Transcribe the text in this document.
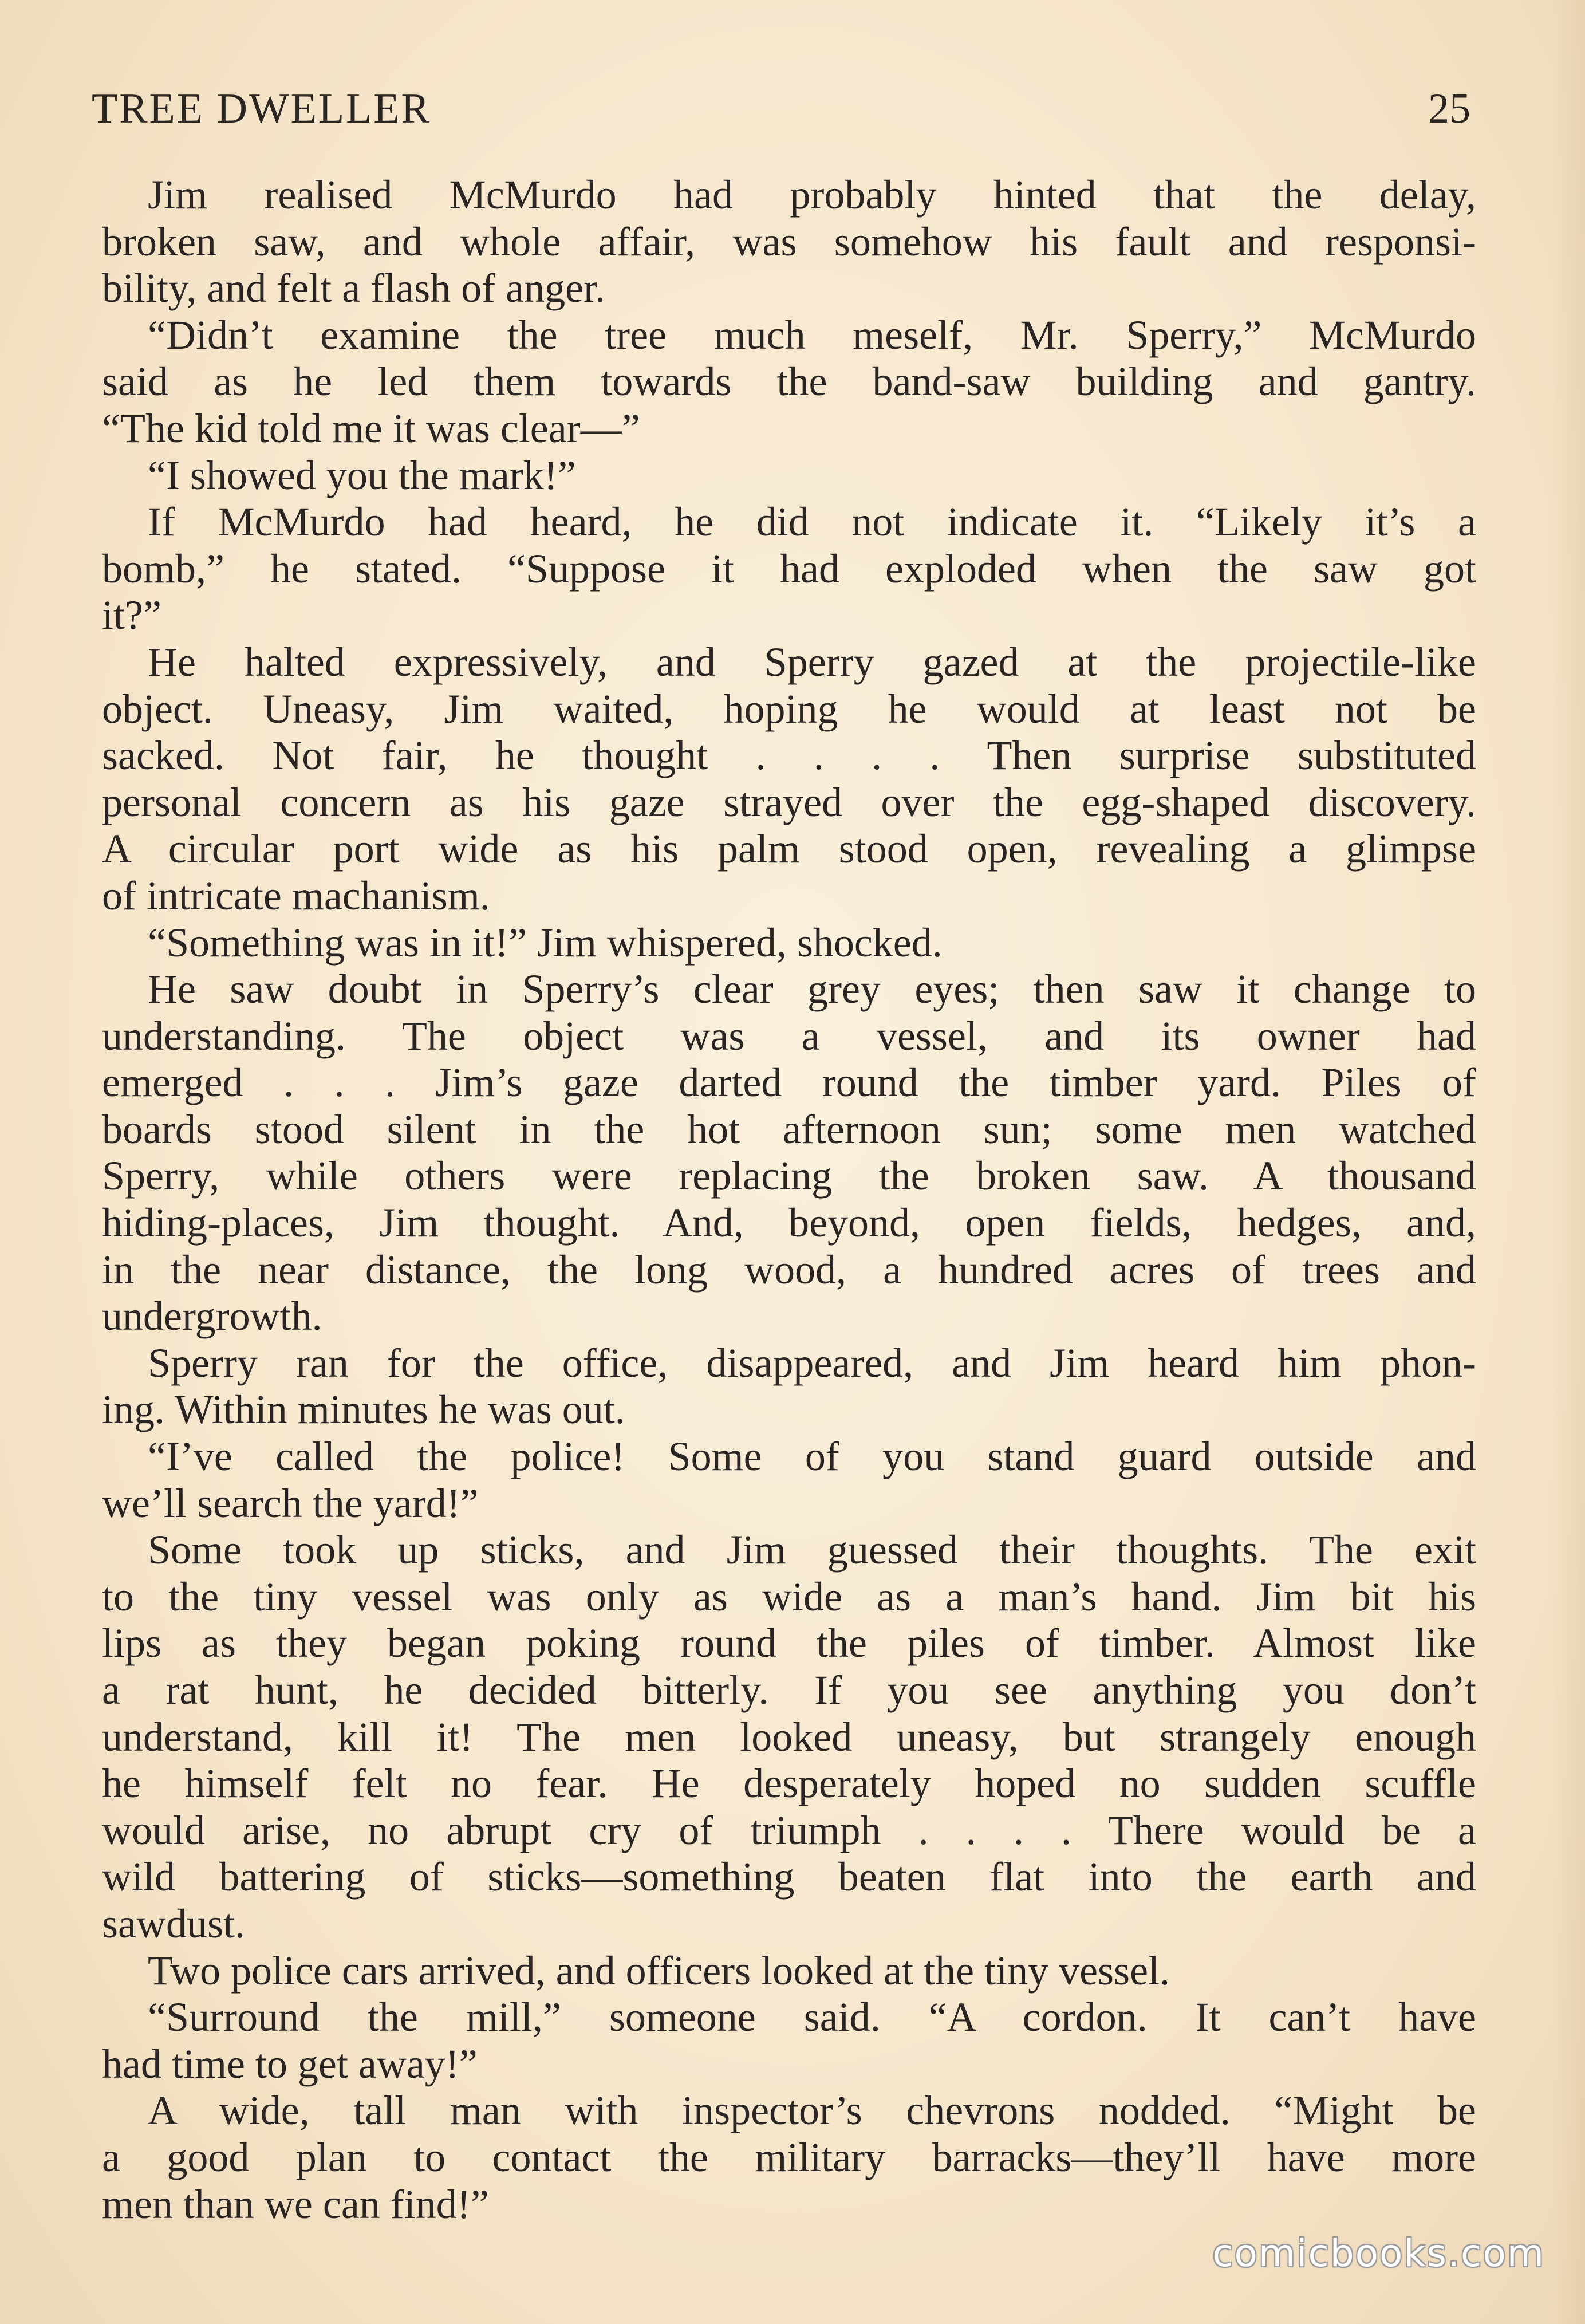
TREE DWELLER	25
Jim realised McMurdo had probably hinted that the delay,
broken saw, and whole affair, was somehow his fault and responsi-
bility, and felt a flash of anger.
“Didn’t examine the tree much meself, Mr. Sperry,” McMurdo
said as he led them towards the band-saw building and gantry.
“The kid told me it was clear—”
“I showed you the mark!”
If McMurdo had heard, he did not indicate it. “Likely it’s a
bomb,” he stated. “Suppose it had exploded when the saw got
it?”
He halted expressively, and Sperry gazed at the projectile-like
object. Uneasy, Jim waited, hoping he would at least not be
sacked. Not fair, he thought . . . . Then surprise substituted
personal concern as his gaze strayed over the egg-shaped discovery.
A circular port wide as his palm stood open, revealing a glimpse
of intricate machanism.
“Something was in it!” Jim whispered, shocked.
He saw doubt in Sperry’s clear grey eyes; then saw it change to
understanding. The object was a vessel, and its owner had
emerged . . . Jim’s gaze darted round the timber yard. Piles of
boards stood silent in the hot afternoon sun; some men watched
Sperry, while others were replacing the broken saw. A thousand
hiding-places, Jim thought. And, beyond, open fields, hedges, and,
in the near distance, the long wood, a hundred acres of trees and
undergrowth.
Sperry ran for the office, disappeared, and Jim heard him phon-
ing. Within minutes he was out.
“I’ve called the police! Some of you stand guard outside and
we’ll search the yard!”
Some took up sticks, and Jim guessed their thoughts. The exit
to the tiny vessel was only as wide as a man’s hand. Jim bit his
lips as they began poking round the piles of timber. Almost like
a rat hunt, he decided bitterly. If you see anything you don’t
understand, kill it! The men looked uneasy, but strangely enough
he himself felt no fear. He desperately hoped no sudden scuffle
would arise, no abrupt cry of triumph . . . . There would be a
wild battering of sticks—something beaten flat into the earth and
sawdust.
Two police cars arrived, and officers looked at the tiny vessel.
“Surround the mill,” someone said. “A cordon. It can’t have
had time to get away!”
A wide, tall man with inspector’s chevrons nodded. “Might be
a good plan to contact the military barracks—they’ll have more
men than we can find!”
comicbooks.com
